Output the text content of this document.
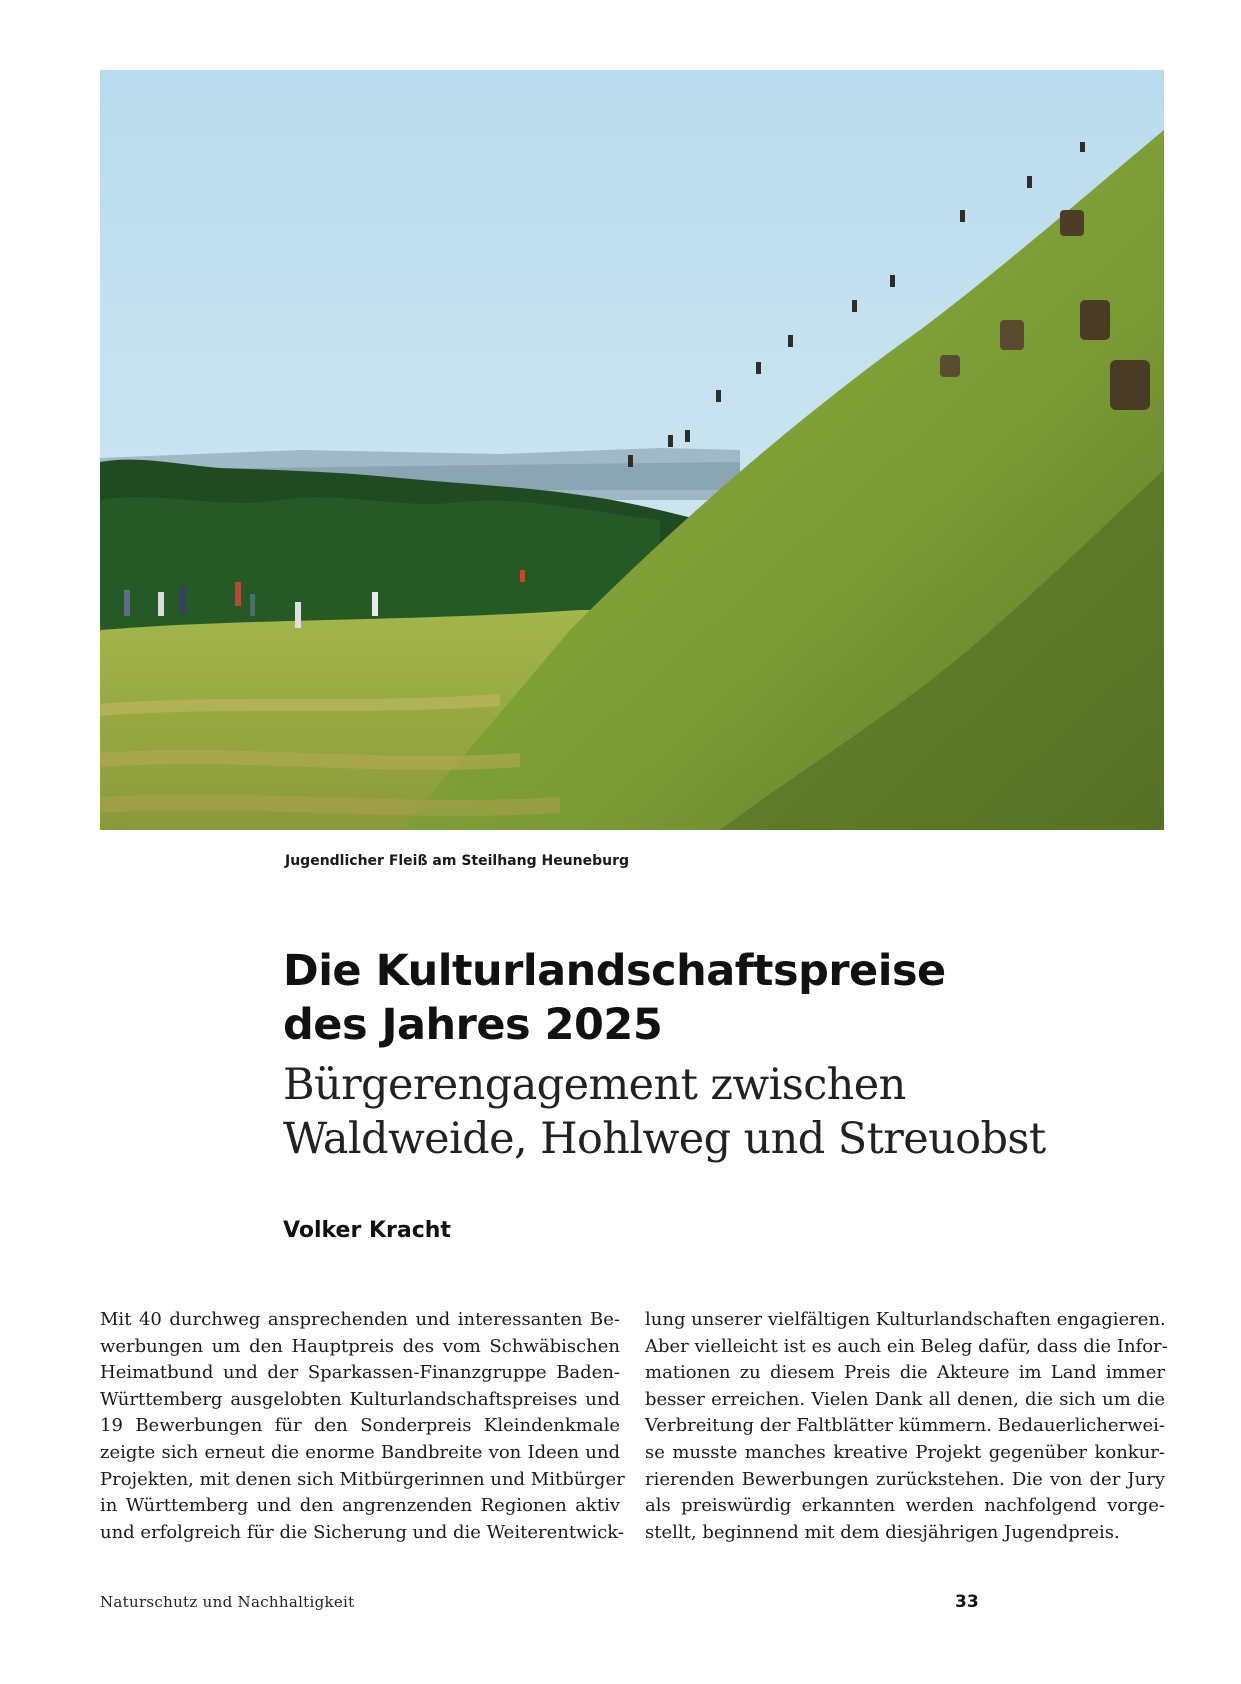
Jugendlicher Fleiß am Steilhang Heuneburg
Die Kulturlandschaftspreise
des Jahres 2025
Bürgerengagement zwischen
Waldweide, Hohlweg und Streuobst
Volker Kracht
Mit 40 durchweg ansprechenden und interessanten Be-
werbungen um den Hauptpreis des vom Schwäbischen
Heimatbund und der Sparkassen-Finanzgruppe Baden-
Württemberg ausgelobten Kulturlandschaftspreises und
19 Bewerbungen für den Sonderpreis Kleindenkmale
zeigte sich erneut die enorme Bandbreite von Ideen und
Projekten, mit denen sich Mitbürgerinnen und Mitbürger
in Württemberg und den angrenzenden Regionen aktiv
und erfolgreich für die Sicherung und die Weiterentwick-
lung unserer vielfältigen Kulturlandschaften engagieren.
Aber vielleicht ist es auch ein Beleg dafür, dass die Infor-
mationen zu diesem Preis die Akteure im Land immer
besser erreichen. Vielen Dank all denen, die sich um die
Verbreitung der Faltblätter kümmern. Bedauerlicherwei-
se musste manches kreative Projekt gegenüber konkur-
rierenden Bewerbungen zurückstehen. Die von der Jury
als preiswürdig erkannten werden nachfolgend vorge-
stellt, beginnend mit dem diesjährigen Jugendpreis.
Naturschutz und Nachhaltigkeit	33
